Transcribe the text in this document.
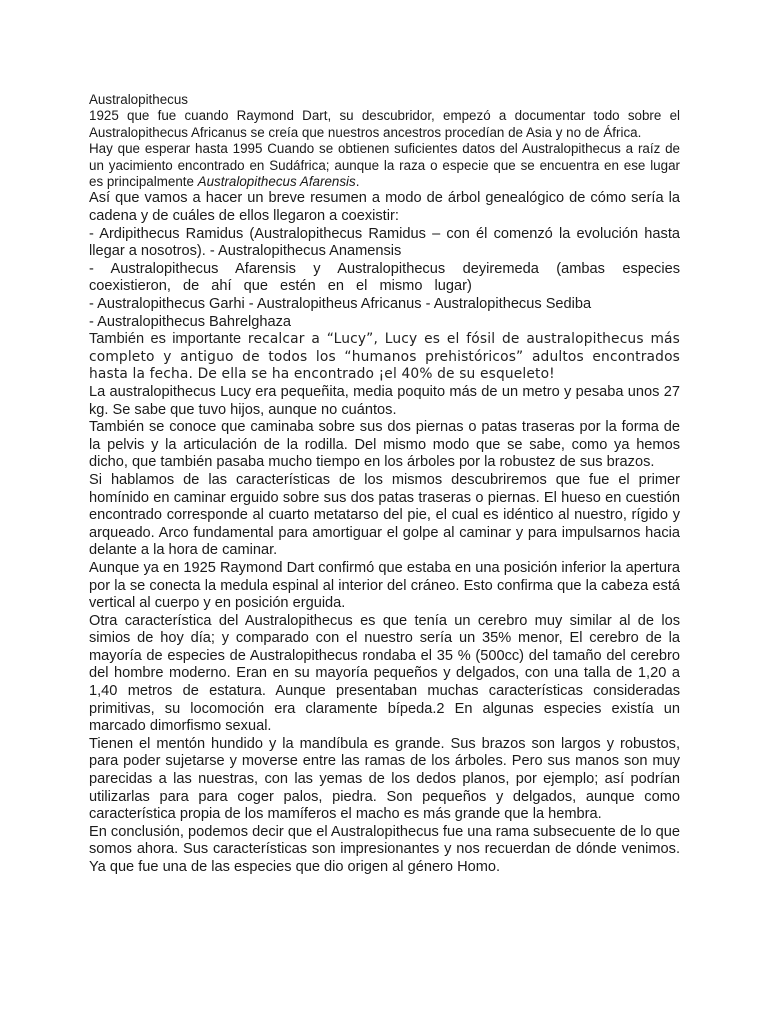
Australopithecus

1925 que fue cuando Raymond Dart, su descubridor, empezó a documentar todo sobre el Australopithecus Africanus se creía que nuestros ancestros procedían de Asia y no de África.

Hay que esperar hasta 1995 Cuando se obtienen suficientes datos del Australopithecus a raíz de un yacimiento encontrado en Sudáfrica; aunque la raza o especie que se encuentra en ese lugar es principalmente Australopithecus Afarensis.

Así que vamos a hacer un breve resumen a modo de árbol genealógico de cómo sería la cadena y de cuáles de ellos llegaron a coexistir:

- Ardipithecus Ramidus (Australopithecus Ramidus – con él comenzó la evolución hasta llegar a nosotros). - Australopithecus Anamensis

- Australopithecus Afarensis y Australopithecus deyiremeda (ambas especies coexistieron, de ahí que estén en el mismo lugar)

- Australopithecus Garhi - Australopitheus Africanus - Australopithecus Sediba

- Australopithecus Bahrelghaza

También es importante recalcar a “Lucy”, Lucy es el fósil de australopithecus más completo y antiguo de todos los “humanos prehistóricos” adultos encontrados hasta la fecha. De ella se ha encontrado ¡el 40% de su esqueleto!

La australopithecus Lucy era pequeñita, media poquito más de un metro y pesaba unos 27 kg. Se sabe que tuvo hijos, aunque no cuántos.

También se conoce que caminaba sobre sus dos piernas o patas traseras por la forma de la pelvis y la articulación de la rodilla. Del mismo modo que se sabe, como ya hemos dicho, que también pasaba mucho tiempo en los árboles por la robustez de sus brazos.

Si hablamos de las características de los mismos descubriremos que fue el primer homínido en caminar erguido sobre sus dos patas traseras o piernas. El hueso en cuestión encontrado corresponde al cuarto metatarso del pie, el cual es idéntico al nuestro, rígido y arqueado. Arco fundamental para amortiguar el golpe al caminar y para impulsarnos hacia delante a la hora de caminar.

Aunque ya en 1925 Raymond Dart confirmó que estaba en una posición inferior la apertura por la se conecta la medula espinal al interior del cráneo. Esto confirma que la cabeza está vertical al cuerpo y en posición erguida.

Otra característica del Australopithecus es que tenía un cerebro muy similar al de los simios de hoy día; y comparado con el nuestro sería un 35% menor, El cerebro de la mayoría de especies de Australopithecus rondaba el 35 % (500cc) del tamaño del cerebro del hombre moderno. Eran en su mayoría pequeños y delgados, con una talla de 1,20 a 1,40 metros de estatura. Aunque presentaban muchas características consideradas primitivas, su locomoción era claramente bípeda.2 En algunas especies existía un marcado dimorfismo sexual.

Tienen el mentón hundido y la mandíbula es grande. Sus brazos son largos y robustos, para poder sujetarse y moverse entre las ramas de los árboles. Pero sus manos son muy parecidas a las nuestras, con las yemas de los dedos planos, por ejemplo; así podrían utilizarlas para para coger palos, piedra. Son pequeños y delgados, aunque como característica propia de los mamíferos el macho es más grande que la hembra.

En conclusión, podemos decir que el Australopithecus fue una rama subsecuente de lo que somos ahora. Sus características son impresionantes y nos recuerdan de dónde venimos. Ya que fue una de las especies que dio origen al género Homo.
